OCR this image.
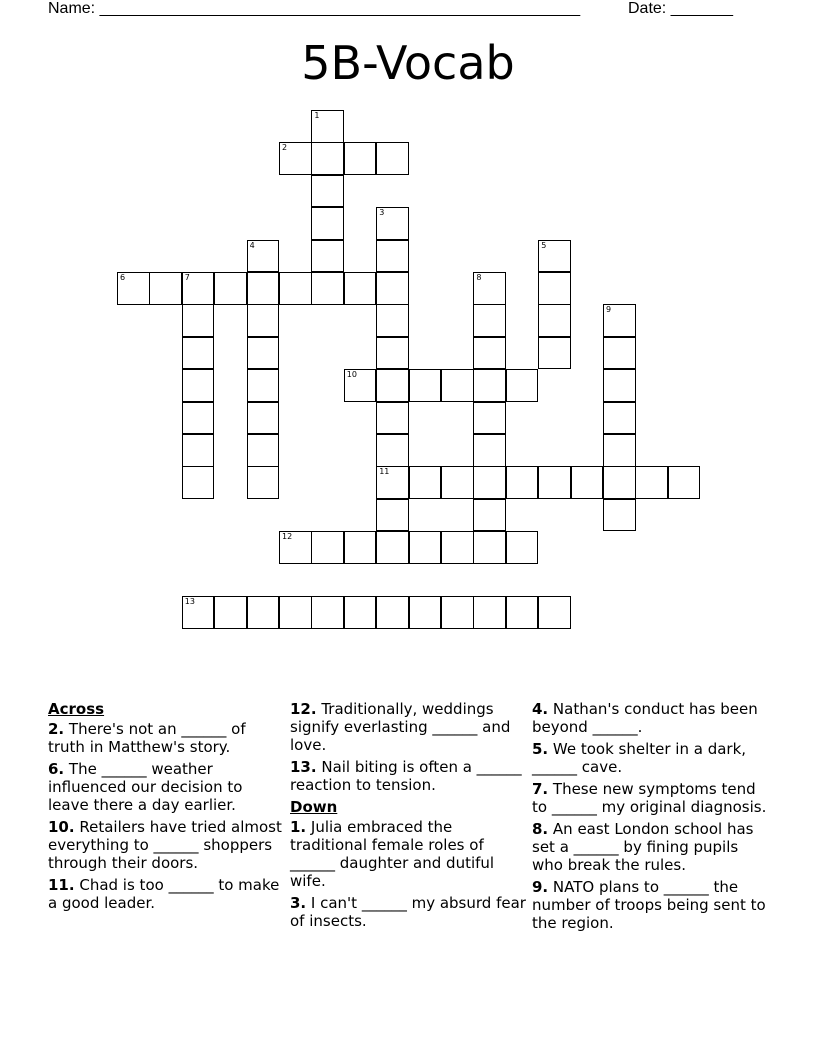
Name: ______________________________________________________	Date: _______
5B-Vocab
1
2
3
11
4	5
6	7	8
9
10
12
13
Across
2. There's not an ______ of truth in Matthew's story.
6. The ______ weather influenced our decision to leave there a day earlier.
10. Retailers have tried almost everything to ______ shoppers through their doors.
11. Chad is too ______ to make a good leader.
12. Traditionally, weddings signify everlasting ______ and love.
13. Nail biting is often a ______ reaction to tension.
Down
1. Julia embraced the traditional female roles of ______ daughter and dutiful wife.
3. I can't ______ my absurd fear of insects.
4. Nathan's conduct has been beyond ______.
5. We took shelter in a dark, ______ cave.
7. These new symptoms tend to ______ my original diagnosis.
8. An east London school has set a ______ by fining pupils who break the rules.
9. NATO plans to ______ the number of troops being sent to the region.
